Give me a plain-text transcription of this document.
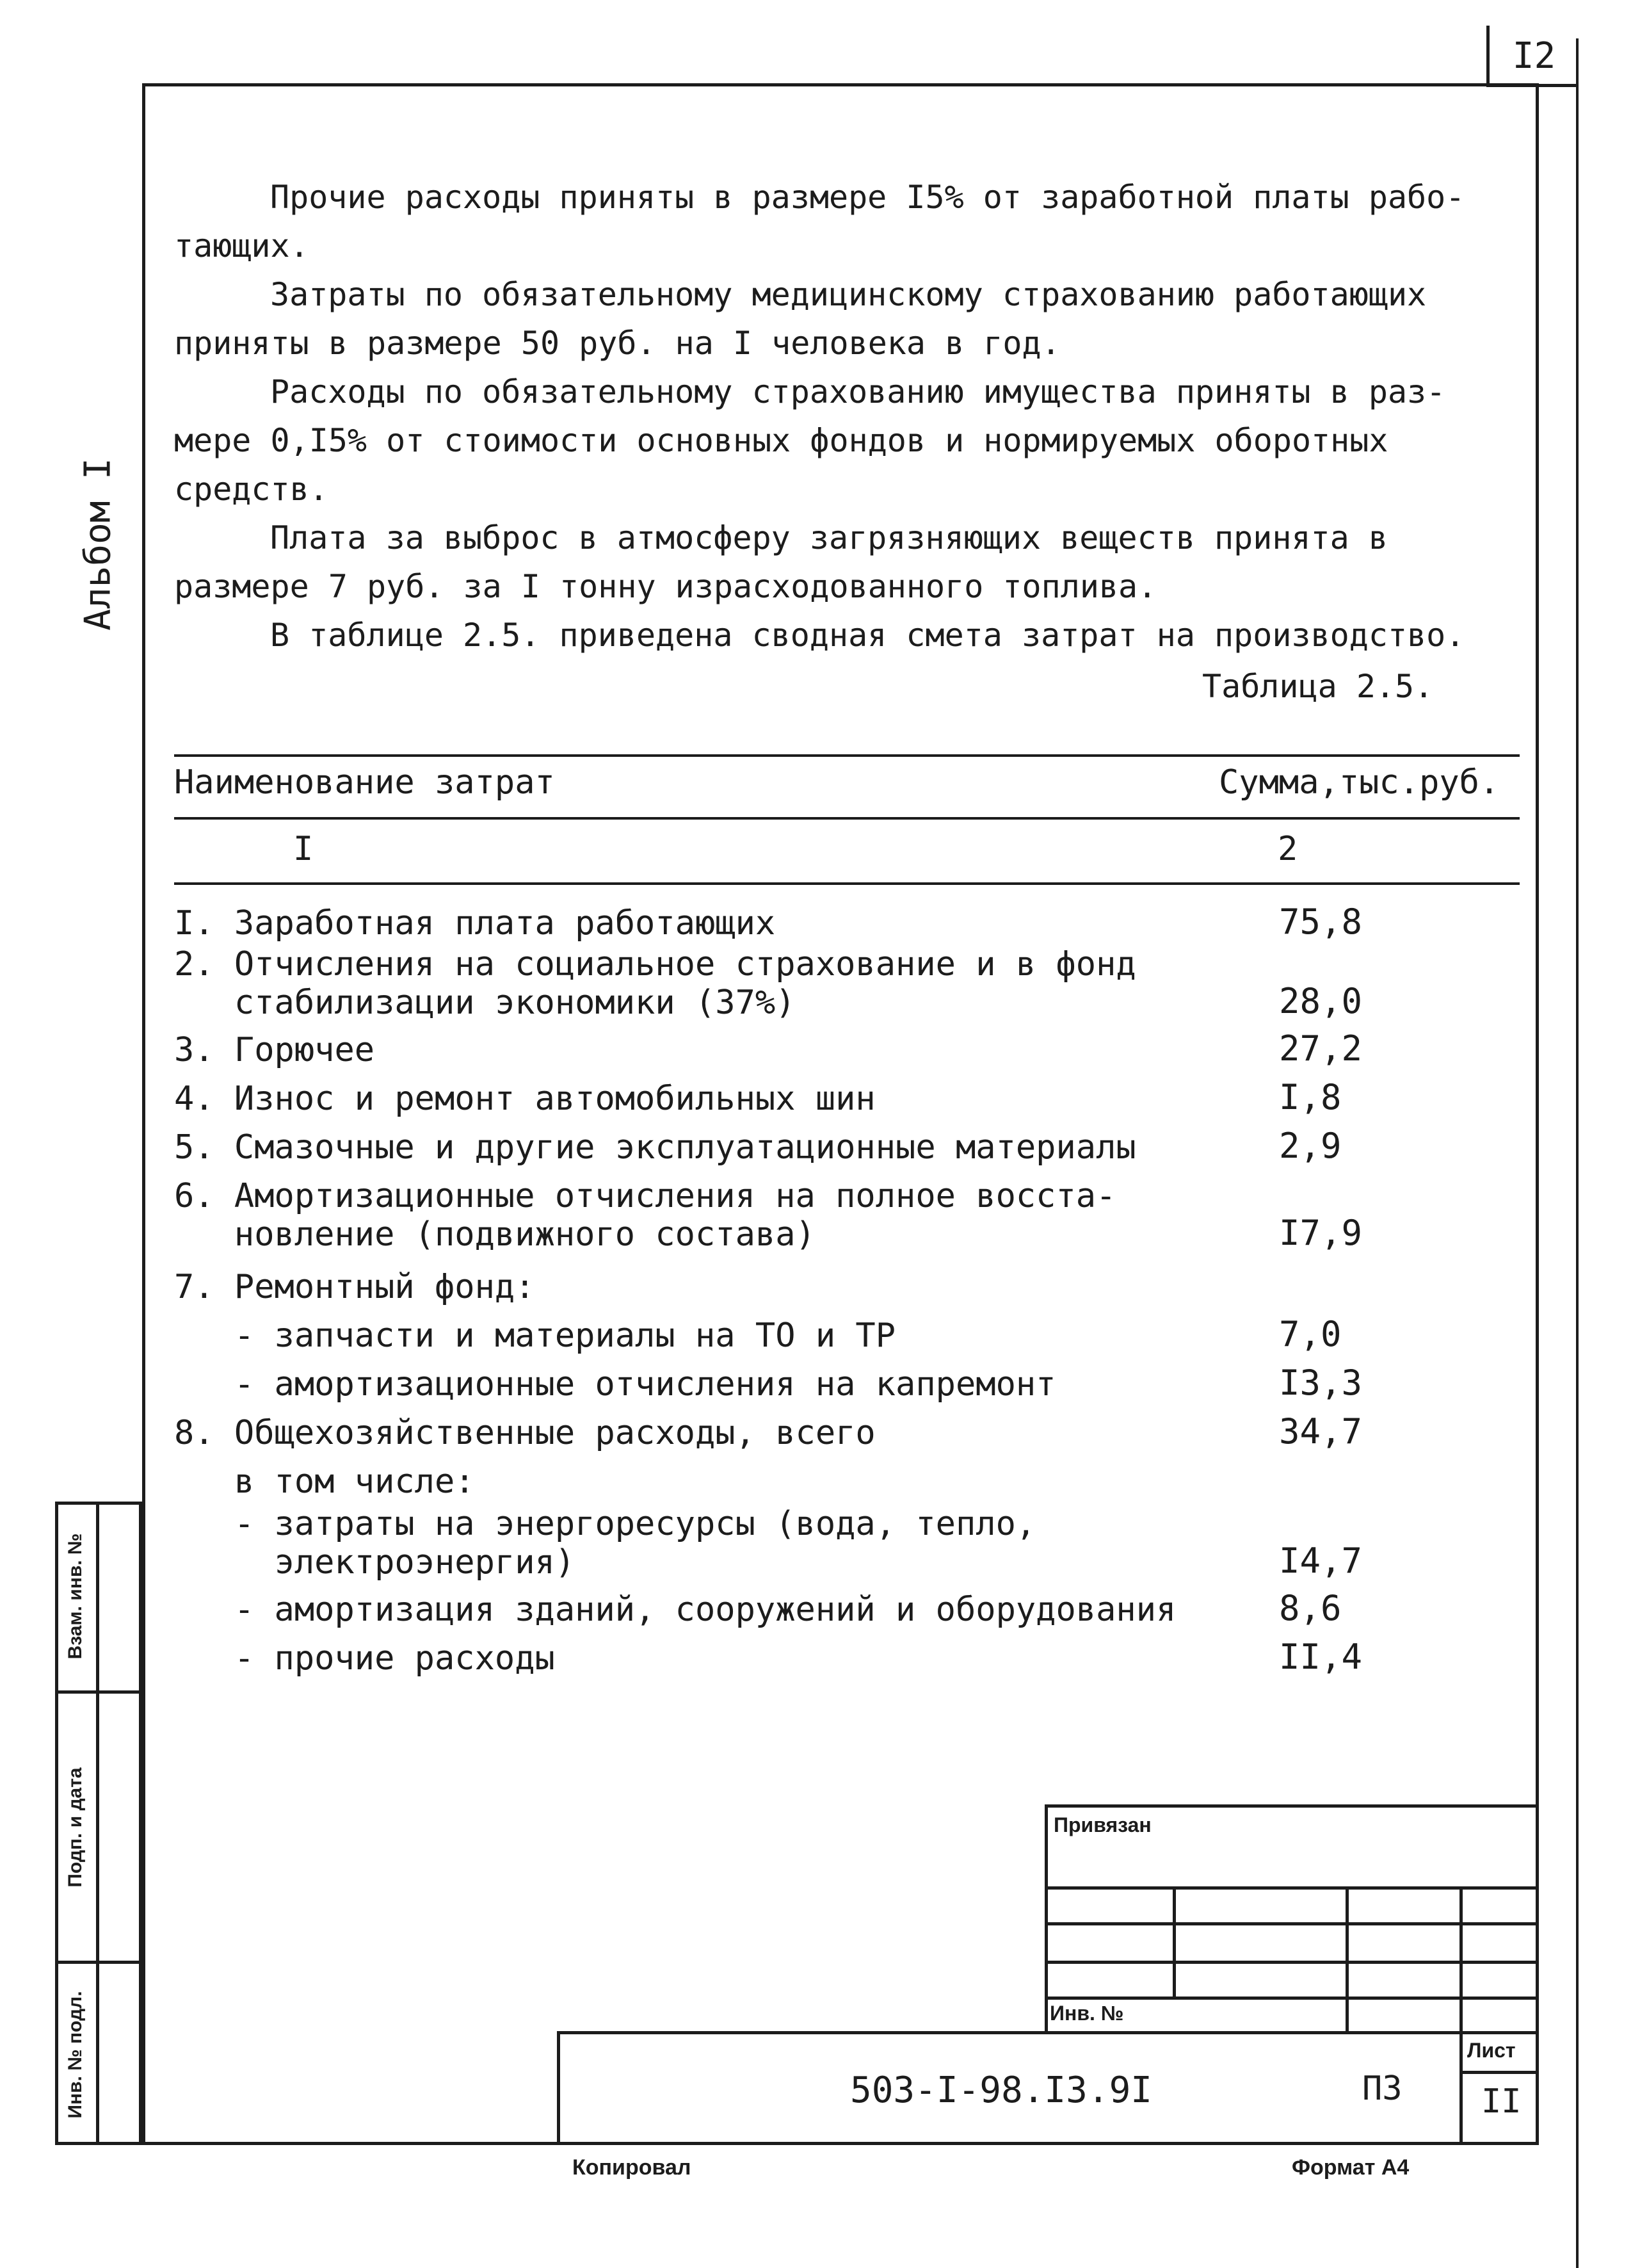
I2
Альбом I
Прочие расходы приняты в размере I5% от заработной платы рабо-
тающих.
Затраты по обязательному медицинскому страхованию работающих
приняты в размере 50 руб. на I человека в год.
Расходы по обязательному страхованию имущества приняты в раз-
мере 0,I5% от стоимости основных фондов и нормируемых оборотных
средств.
Плата за выброс в атмосферу загрязняющих веществ принята в
размере 7 руб. за I тонну израсходованного топлива.
В таблице 2.5. приведена сводная смета затрат на производство.
Таблица 2.5.
Наименование затрат	Сумма,тыс.руб.
I	2
I. Заработная плата работающих	75,8
2. Отчисления на социальное страхование и в фонд
стабилизации экономики (37%)	28,0
3. Горючее	27,2
4. Износ и ремонт автомобильных шин	I,8
5. Смазочные и другие эксплуатационные материалы	2,9
6. Амортизационные отчисления на полное восста-
новление (подвижного состава)	I7,9
7. Ремонтный фонд:
- запчасти и материалы на ТО и ТР	7,0
- амортизационные отчисления на капремонт	I3,3
8. Общехозяйственные расходы, всего	34,7
в том числе:
- затраты на энергоресурсы (вода, тепло,
электроэнергия)	I4,7
- амортизация зданий, сооружений и оборудования	8,6
- прочие расходы	II,4
Взам. инв. №
Подп. и дата
Инв. № подл.
Привязан
Инв. №
503-I-98.I3.9I	ПЗ
Лист
II
Копировал	Формат А4
